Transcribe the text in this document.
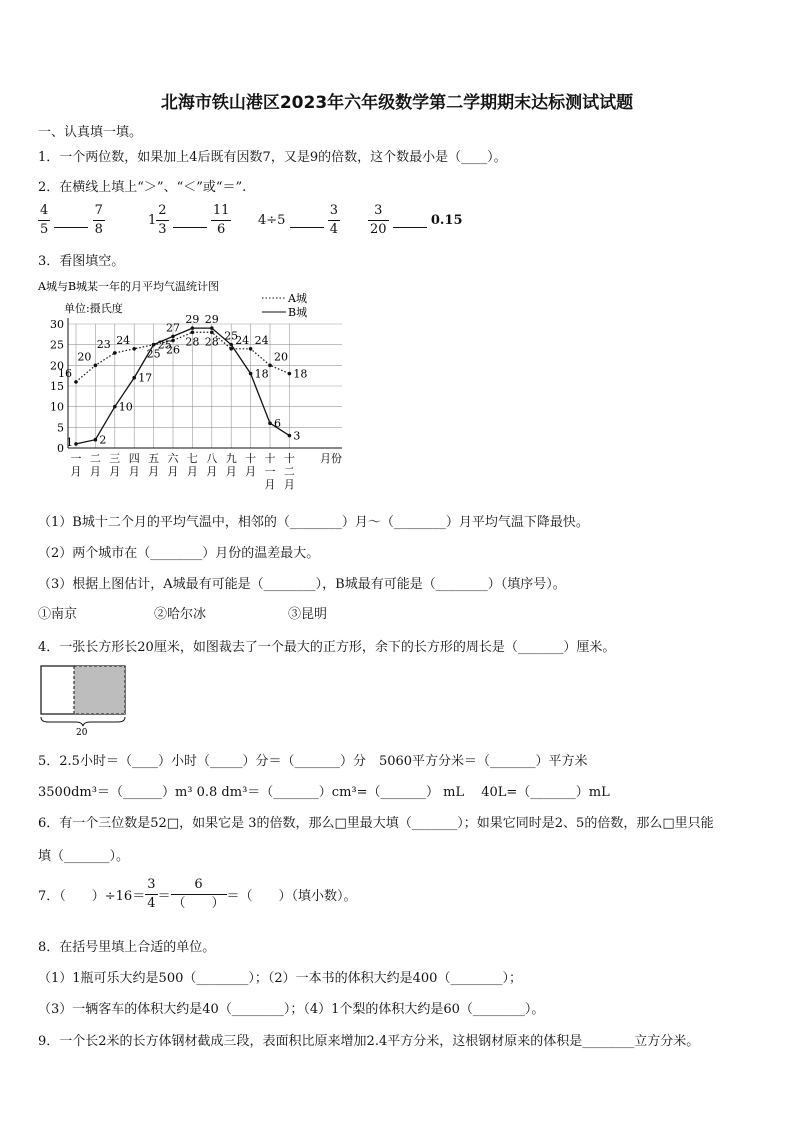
北海市铁山港区2023年六年级数学第二学期期末达标测试试题
一、认真填一填。
1．一个两位数，如果加上4后既有因数7，又是9的倍数，这个数最小是（____）。
2．在横线上填上“＞”、“＜”或“＝”.
$\frac{4}{5}$
	$\frac{7}{8}$	$1 \frac{2}{3}$
	$\frac{11}{6} 4\div 5$	$\frac{3}{4} \frac{3}{20}$	0.15
3．看图填空。
A城与B城某一年的月平均气温统计图
单位:摄氏度
0
5
10
15
20
25
30
一
月
二
月
三
月
四
月
五
月
六
月
七
月
八
月
九
月
十
月
十
一
月
十
二
月
A城
B城
16
20
23 24
25 26
28 28 24 24
20
18
1 2
10
17
25
27
29 29
25
18
6
3
月份
（1）B城十二个月的平均气温中，相邻的（________）月～（________）月平均气温下降最快。
（2）两个城市在（________）月份的温差最大。
（3）根据上图估计，A城最有可能是（________），B城最有可能是（________）（填序号）。
①南京	②哈尔冰	③昆明
4．一张长方形长20厘米，如图裁去了一个最大的正方形，余下的长方形的周长是（_______）厘米。
20
5．2.5小时＝（____）小时（_____）分＝（_______）分　5060平方分米＝（_______）平方米
3500dm³＝（______）m³ 0.8 dm³＝（_______）cm³=（_______） mL　 40L=（_______）mL
6．有一个三位数是52□，如果它是 3的倍数，那么□里最大填（_______）；如果它同时是2、5的倍数，那么□里只能
填（_______）。
7．（　　）$\div 16= \frac{3}{4} = \frac{6}{( )}$ ＝（　　）（填小数）。
8．在括号里填上合适的单位。
（1）1瓶可乐大约是500（________）；（2）一本书的体积大约是400（________）；
（3）一辆客车的体积大约是40（________）；（4）1个梨的体积大约是60（________）。
9．一个长2米的长方体钢材截成三段，表面积比原来增加2.4平方分米，这根钢材原来的体积是________立方分米。
